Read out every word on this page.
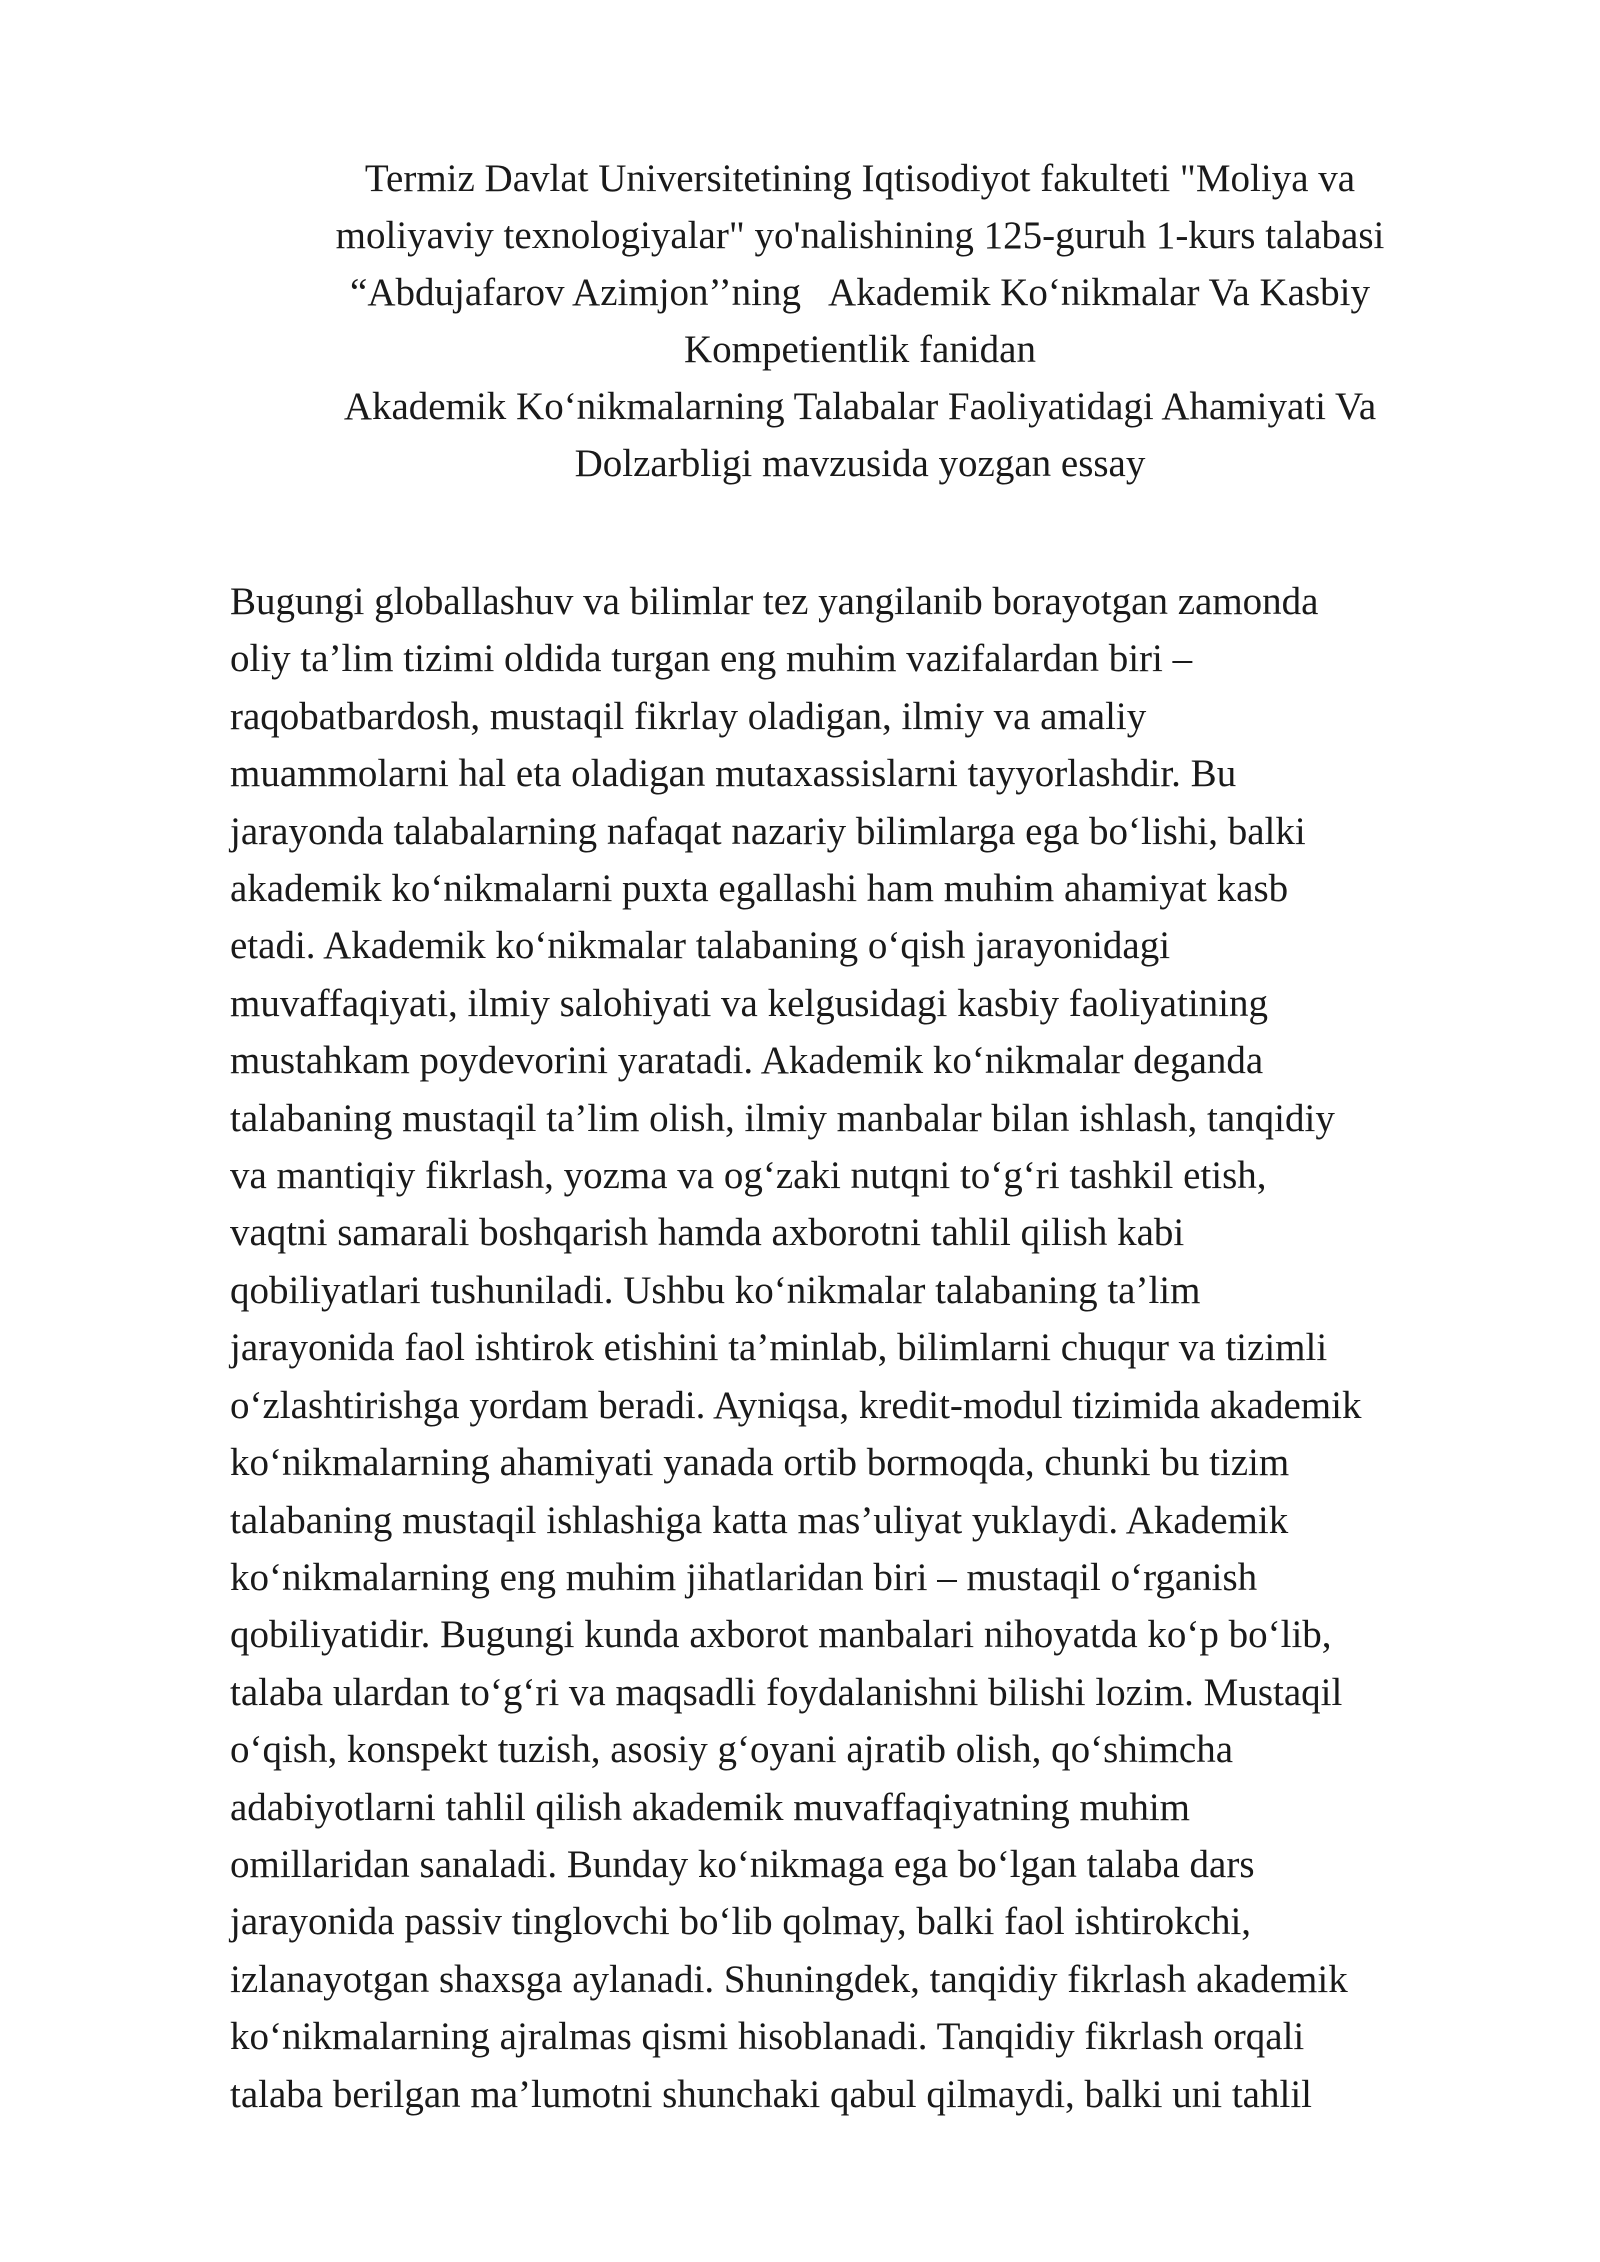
Termiz Davlat Universitetining Iqtisodiyot fakulteti "Moliya va
moliyaviy texnologiyalar" yo'nalishining 125-guruh 1-kurs talabasi
“Abdujafarov Azimjon’’ning   Akademik Ko‘nikmalar Va Kasbiy
Kompetientlik fanidan
Akademik Ko‘nikmalarning Talabalar Faoliyatidagi Ahamiyati Va
Dolzarbligi mavzusida yozgan essay
Bugungi globallashuv va bilimlar tez yangilanib borayotgan zamonda
oliy ta’lim tizimi oldida turgan eng muhim vazifalardan biri –
raqobatbardosh, mustaqil fikrlay oladigan, ilmiy va amaliy
muammolarni hal eta oladigan mutaxassislarni tayyorlashdir. Bu
jarayonda talabalarning nafaqat nazariy bilimlarga ega bo‘lishi, balki
akademik ko‘nikmalarni puxta egallashi ham muhim ahamiyat kasb
etadi. Akademik ko‘nikmalar talabaning o‘qish jarayonidagi
muvaffaqiyati, ilmiy salohiyati va kelgusidagi kasbiy faoliyatining
mustahkam poydevorini yaratadi. Akademik ko‘nikmalar deganda
talabaning mustaqil ta’lim olish, ilmiy manbalar bilan ishlash, tanqidiy
va mantiqiy fikrlash, yozma va og‘zaki nutqni to‘g‘ri tashkil etish,
vaqtni samarali boshqarish hamda axborotni tahlil qilish kabi
qobiliyatlari tushuniladi. Ushbu ko‘nikmalar talabaning ta’lim
jarayonida faol ishtirok etishini ta’minlab, bilimlarni chuqur va tizimli
o‘zlashtirishga yordam beradi. Ayniqsa, kredit-modul tizimida akademik
ko‘nikmalarning ahamiyati yanada ortib bormoqda, chunki bu tizim
talabaning mustaqil ishlashiga katta mas’uliyat yuklaydi. Akademik
ko‘nikmalarning eng muhim jihatlaridan biri – mustaqil o‘rganish
qobiliyatidir. Bugungi kunda axborot manbalari nihoyatda ko‘p bo‘lib,
talaba ulardan to‘g‘ri va maqsadli foydalanishni bilishi lozim. Mustaqil
o‘qish, konspekt tuzish, asosiy g‘oyani ajratib olish, qo‘shimcha
adabiyotlarni tahlil qilish akademik muvaffaqiyatning muhim
omillaridan sanaladi. Bunday ko‘nikmaga ega bo‘lgan talaba dars
jarayonida passiv tinglovchi bo‘lib qolmay, balki faol ishtirokchi,
izlanayotgan shaxsga aylanadi. Shuningdek, tanqidiy fikrlash akademik
ko‘nikmalarning ajralmas qismi hisoblanadi. Tanqidiy fikrlash orqali
talaba berilgan ma’lumotni shunchaki qabul qilmaydi, balki uni tahlil
